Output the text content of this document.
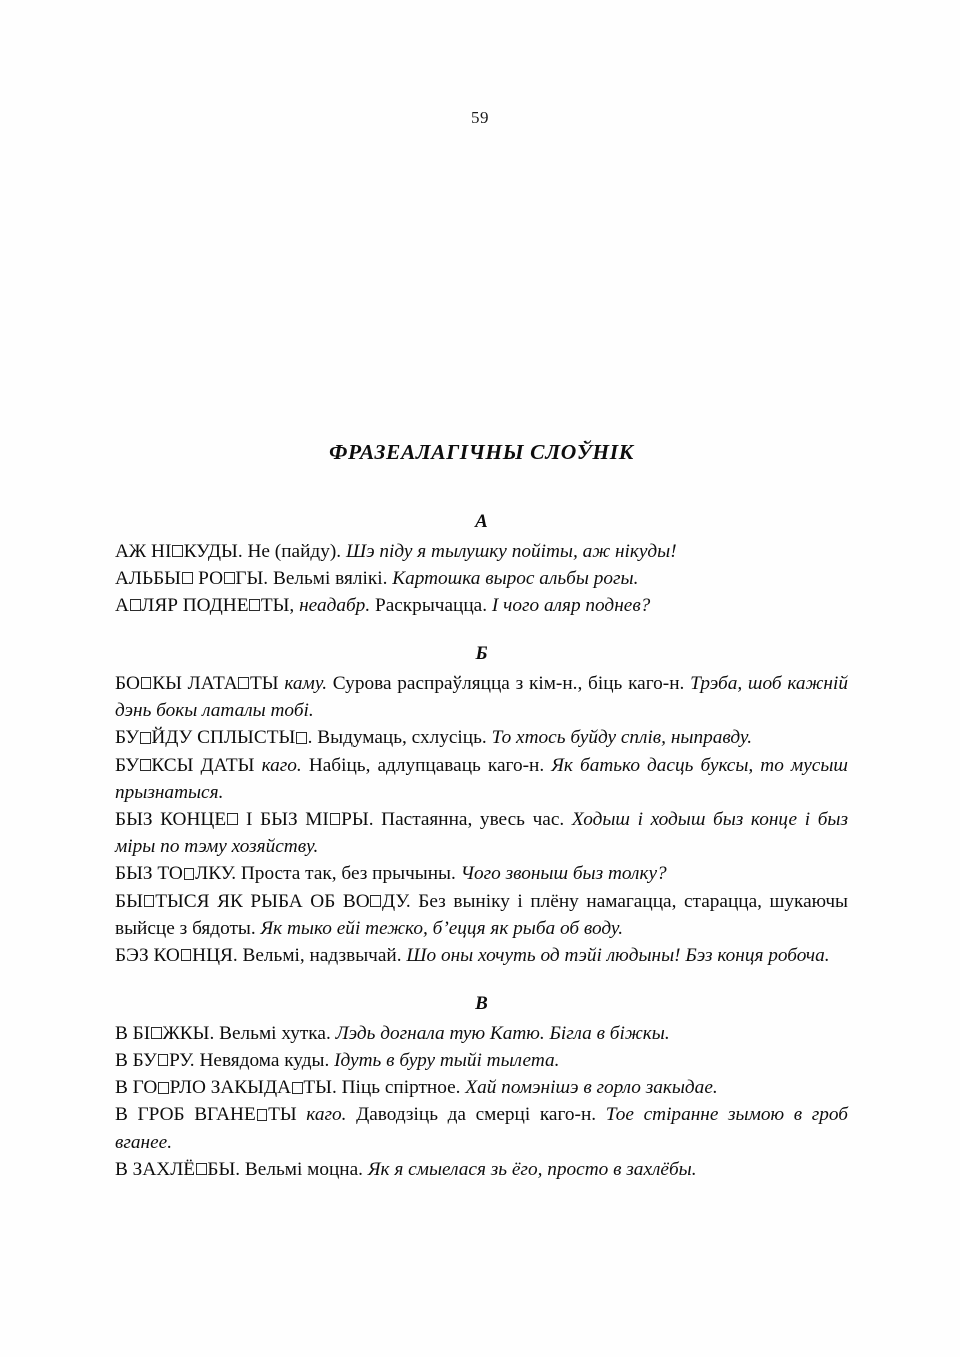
59
ФРАЗЕАЛАГІЧНЫ СЛОЎНІК
А

АЖ НІ КУДЫ. Не (пайду). Шэ піду я тылушку пойіты, аж нікуды!

АЛЬБЫ РО ГЫ. Вельмі вялікі. Картошка вырос альбы рогы.

А ЛЯР ПОДНЕ ТЫ, неадабр. Раскрычацца. І чого аляр поднев?

Б

БО КЫ ЛАТА ТЫ каму. Сурова распраўляцца з кім-н., біць каго-н. Трэба, шоб кажній дэнь бокы латалы тобі.

БУ ЙДУ СПЛЫСТЫ . Выдумаць, схлусіць. То хтось буйду сплів, ныправду.

БУ КСЫ ДАТЫ каго. Набіць, адлупцаваць каго-н. Як батько дасць буксы, то мусыш прызнатыся.

БЫЗ КОНЦЕ І БЫЗ МІ РЫ. Пастаянна, увесь час. Ходыш і ходыш быз конце і быз міры по тэму хозяйству.

БЫЗ ТО ЛКУ. Проста так, без прычыны. Чого звоныш быз толку?

БЫ ТЫСЯ ЯК РЫБА ОБ ВО ДУ. Без выніку і плёну намагацца, старацца, шукаючы выйсце з бядоты. Як тыко ейі тежко, б’ецця як рыба об воду.

БЭЗ КО НЦЯ. Вельмі, надзвычай. Шо оны хочуть од тэйі людыны! Бэз конця робоча.

В

В БІ ЖКЫ. Вельмі хутка. Лэдь догнала тую Катю. Бігла в біжкы.

В БУ РУ. Невядома куды. Ідуть в буру тыйі тылета.

В ГО РЛО ЗАКЫДА ТЫ. Піць спіртное. Хай помэнішэ в горло закыдае.

В ГРОБ ВГАНЕ ТЫ каго. Даводзіць да смерці каго-н. Тое стіранне зымою в гроб вганее.

В ЗАХЛЁ БЫ. Вельмі моцна. Як я смыелася зь ёго, просто в захлёбы.
